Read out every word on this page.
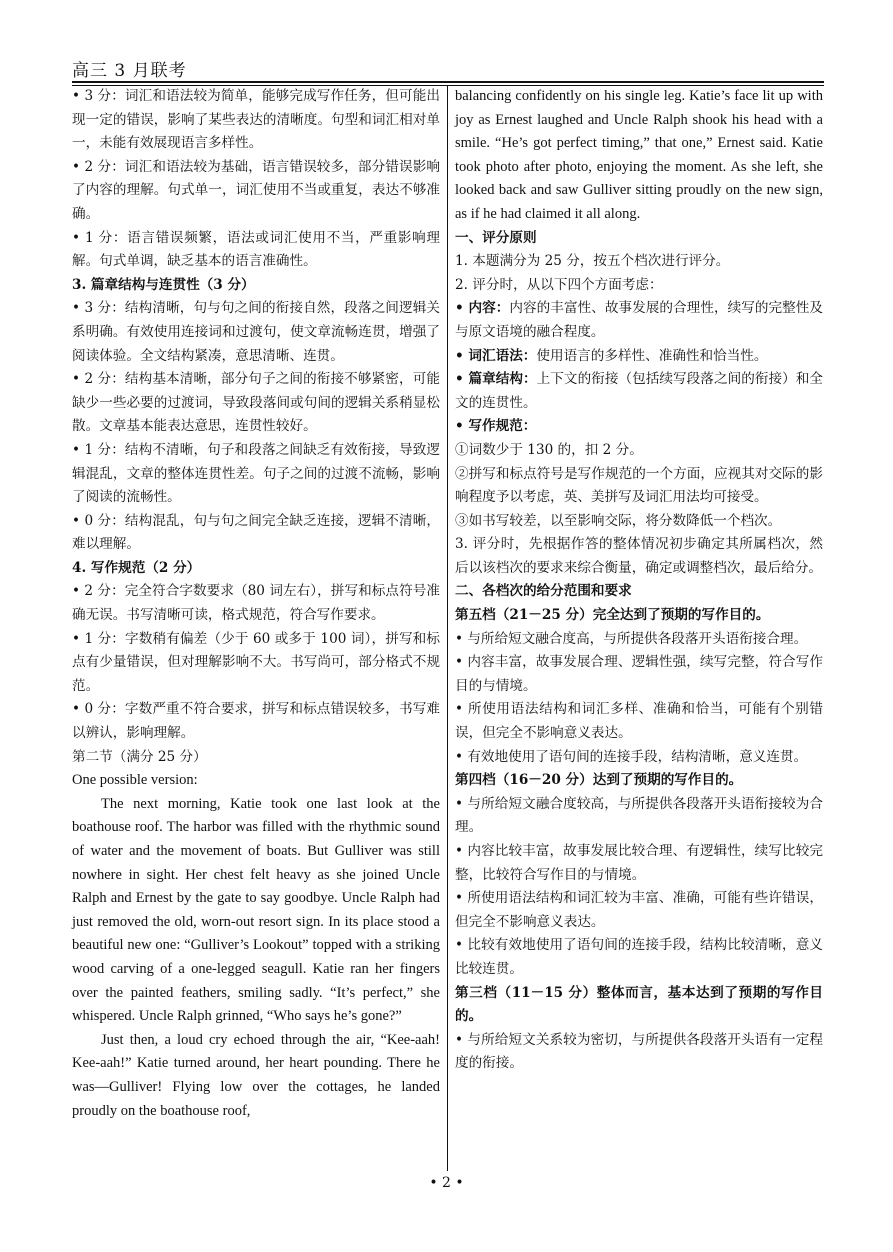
高三 3 月联考

• 3 分：词汇和语法较为简单，能够完成写作任务，但可能出现一定的错误，影响了某些表达的清晰度。句型和词汇相对单一，未能有效展现语言多样性。

• 2 分：词汇和语法较为基础，语言错误较多，部分错误影响了内容的理解。句式单一，词汇使用不当或重复，表达不够准确。

• 1 分：语言错误频繁，语法或词汇使用不当，严重影响理解。句式单调，缺乏基本的语言准确性。

3. 篇章结构与连贯性（3 分）

• 3 分：结构清晰，句与句之间的衔接自然，段落之间逻辑关系明确。有效使用连接词和过渡句，使文章流畅连贯，增强了阅读体验。全文结构紧凑，意思清晰、连贯。

• 2 分：结构基本清晰，部分句子之间的衔接不够紧密，可能缺少一些必要的过渡词，导致段落间或句间的逻辑关系稍显松散。文章基本能表达意思，连贯性较好。

• 1 分：结构不清晰，句子和段落之间缺乏有效衔接，导致逻辑混乱，文章的整体连贯性差。句子之间的过渡不流畅，影响了阅读的流畅性。

• 0 分：结构混乱，句与句之间完全缺乏连接，逻辑不清晰，难以理解。

4. 写作规范（2 分）

• 2 分：完全符合字数要求（80 词左右），拼写和标点符号准确无误。书写清晰可读，格式规范，符合写作要求。

• 1 分：字数稍有偏差（少于 60 或多于 100 词），拼写和标点有少量错误，但对理解影响不大。书写尚可，部分格式不规范。

• 0 分：字数严重不符合要求，拼写和标点错误较多，书写难以辨认，影响理解。

第二节（满分 25 分）

One possible version:

The next morning, Katie took one last look at the boathouse roof. The harbor was filled with the rhythmic sound of water and the movement of boats. But Gulliver was still nowhere in sight. Her chest felt heavy as she joined Uncle Ralph and Ernest by the gate to say goodbye. Uncle Ralph had just removed the old, worn-out resort sign. In its place stood a beautiful new one: “Gulliver’s Lookout” topped with a striking wood carving of a one-legged seagull. Katie ran her fingers over the painted feathers, smiling sadly. “It’s perfect,” she whispered. Uncle Ralph grinned, “Who says he’s gone?”

Just then, a loud cry echoed through the air, “Kee-aah! Kee-aah!” Katie turned around, her heart pounding. There he was—Gulliver! Flying low over the cottages, he landed proudly on the boathouse roof,

balancing confidently on his single leg. Katie’s face lit up with joy as Ernest laughed and Uncle Ralph shook his head with a smile. “He’s got perfect timing,” that one,” Ernest said. Katie took photo after photo, enjoying the moment. As she left, she looked back and saw Gulliver sitting proudly on the new sign, as if he had claimed it all along.

一、评分原则

1. 本题满分为 25 分，按五个档次进行评分。

2. 评分时，从以下四个方面考虑：

• 内容：内容的丰富性、故事发展的合理性，续写的完整性及与原文语境的融合程度。

• 词汇语法：使用语言的多样性、准确性和恰当性。

• 篇章结构：上下文的衔接（包括续写段落之间的衔接）和全文的连贯性。

• 写作规范：

①词数少于 130 的，扣 2 分。

②拼写和标点符号是写作规范的一个方面，应视其对交际的影响程度予以考虑，英、美拼写及词汇用法均可接受。

③如书写较差，以至影响交际，将分数降低一个档次。

3. 评分时，先根据作答的整体情况初步确定其所属档次，然后以该档次的要求来综合衡量，确定或调整档次，最后给分。

二、各档次的给分范围和要求

第五档（21－25 分）完全达到了预期的写作目的。

• 与所给短文融合度高，与所提供各段落开头语衔接合理。

• 内容丰富，故事发展合理、逻辑性强，续写完整，符合写作目的与情境。

• 所使用语法结构和词汇多样、准确和恰当，可能有个别错误，但完全不影响意义表达。

• 有效地使用了语句间的连接手段，结构清晰，意义连贯。

第四档（16－20 分）达到了预期的写作目的。

• 与所给短文融合度较高，与所提供各段落开头语衔接较为合理。

• 内容比较丰富，故事发展比较合理、有逻辑性，续写比较完整，比较符合写作目的与情境。

• 所使用语法结构和词汇较为丰富、准确，可能有些许错误，但完全不影响意义表达。

• 比较有效地使用了语句间的连接手段，结构比较清晰，意义比较连贯。

第三档（11－15 分）整体而言，基本达到了预期的写作目的。

• 与所给短文关系较为密切，与所提供各段落开头语有一定程度的衔接。

• 2 •
